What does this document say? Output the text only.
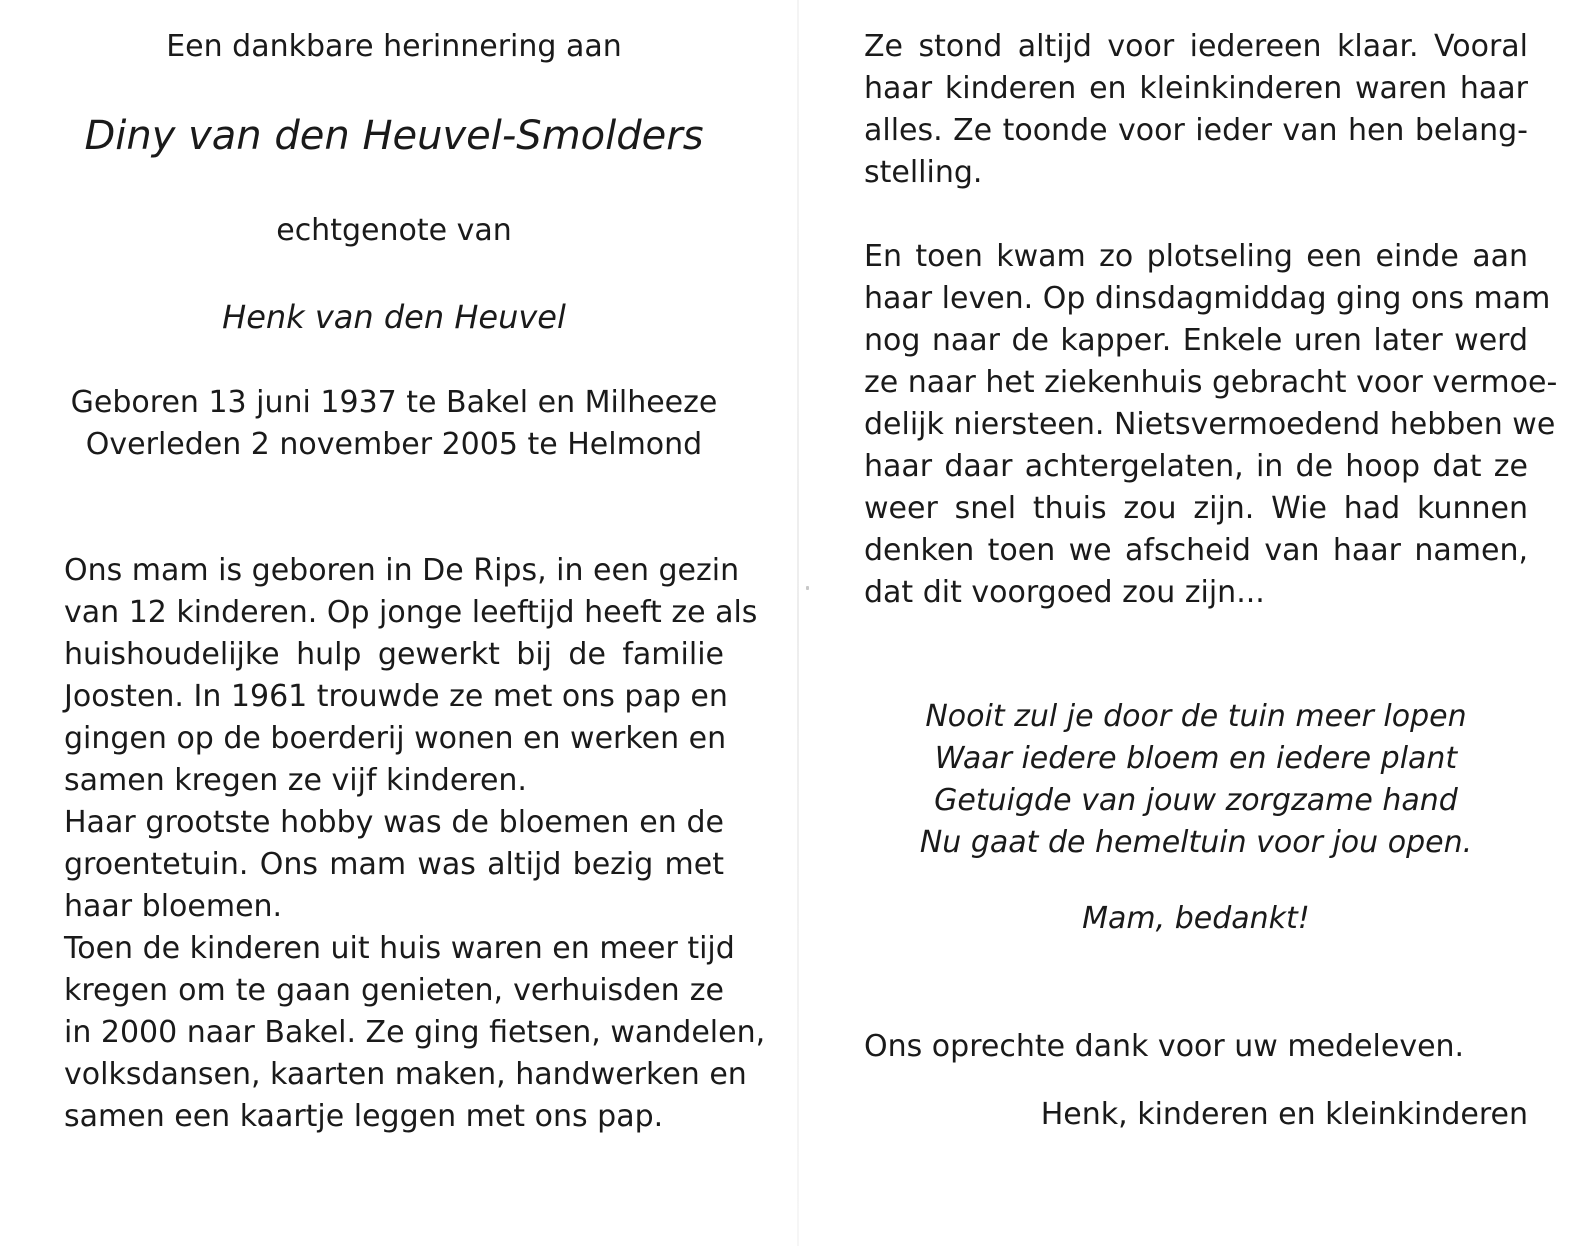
Een dankbare herinnering aan
Diny van den Heuvel-Smolders
echtgenote van
Henk van den Heuvel
Geboren 13 juni 1937 te Bakel en Milheeze
Overleden 2 november 2005 te Helmond
Ons mam is geboren in De Rips, in een gezin
van 12 kinderen. Op jonge leeftijd heeft ze als
huishoudelijke hulp gewerkt bij de familie
Joosten. In 1961 trouwde ze met ons pap en
gingen op de boerderij wonen en werken en
samen kregen ze vijf kinderen.
Haar grootste hobby was de bloemen en de
groentetuin. Ons mam was altijd bezig met
haar bloemen.
Toen de kinderen uit huis waren en meer tijd
kregen om te gaan genieten, verhuisden ze
in 2000 naar Bakel. Ze ging fietsen, wandelen,
volksdansen, kaarten maken, handwerken en
samen een kaartje leggen met ons pap.
Ze stond altijd voor iedereen klaar. Vooral
haar kinderen en kleinkinderen waren haar
alles. Ze toonde voor ieder van hen belang-
stelling.
En toen kwam zo plotseling een einde aan
haar leven. Op dinsdagmiddag ging ons mam
nog naar de kapper. Enkele uren later werd
ze naar het ziekenhuis gebracht voor vermoe-
delijk niersteen. Nietsvermoedend hebben we
haar daar achtergelaten, in de hoop dat ze
weer snel thuis zou zijn. Wie had kunnen
denken toen we afscheid van haar namen,
dat dit voorgoed zou zijn...
Nooit zul je door de tuin meer lopen
Waar iedere bloem en iedere plant
Getuigde van jouw zorgzame hand
Nu gaat de hemeltuin voor jou open.
Mam, bedankt!
Ons oprechte dank voor uw medeleven.
Henk, kinderen en kleinkinderen
